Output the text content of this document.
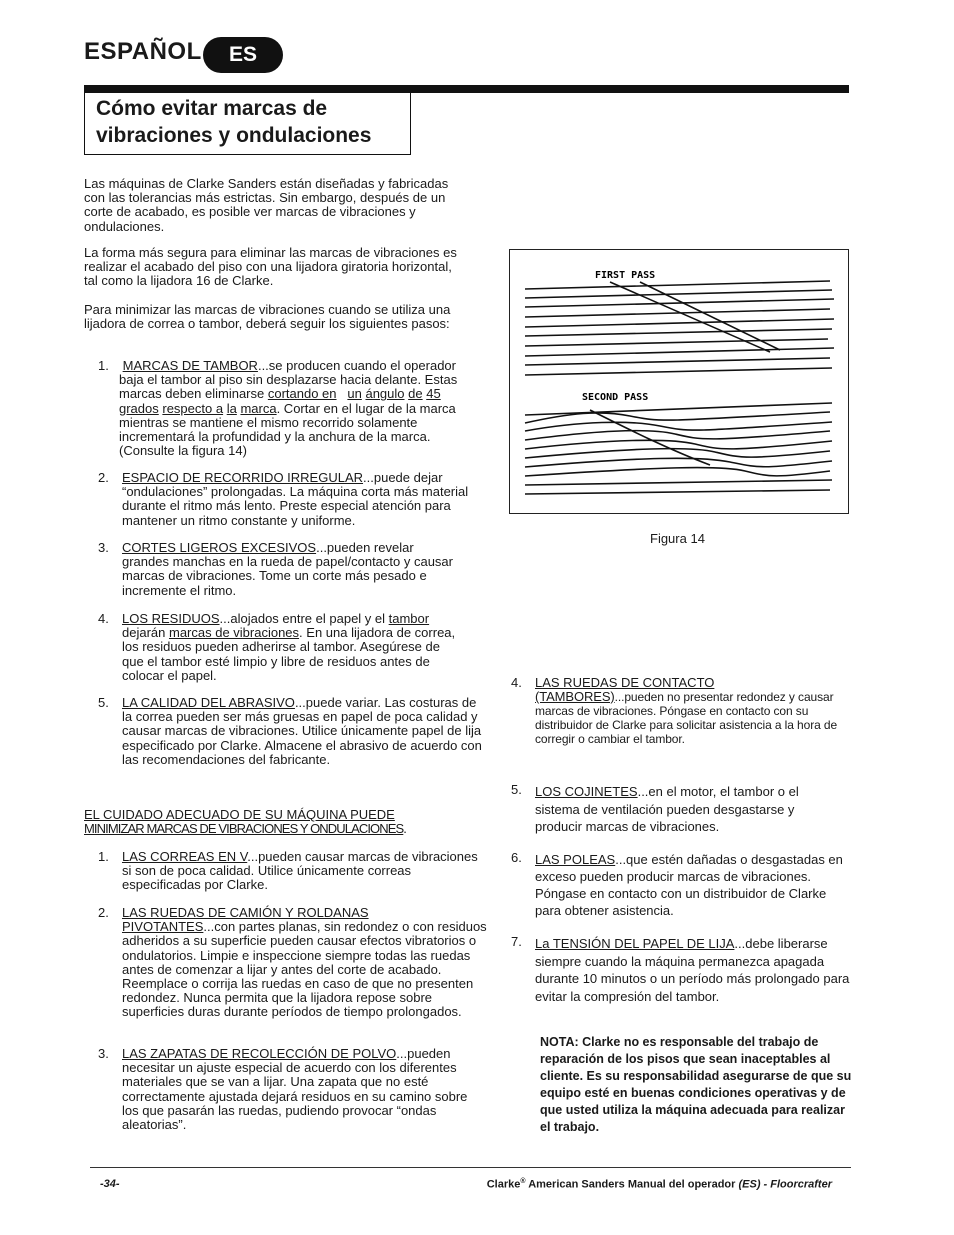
ESPAÑOL	ES
Cómo evitar marcas de
vibraciones y ondulaciones
Las máquinas de Clarke Sanders están diseñadas y fabricadas con las tolerancias más estrictas. Sin embargo, después de un corte de acabado, es posible ver marcas de vibraciones y ondulaciones.
La forma más segura para eliminar las marcas de vibraciones es realizar el acabado del piso con una lijadora giratoria horizontal, tal como la lijadora 16 de Clarke.
Para minimizar las marcas de vibraciones cuando se utiliza una lijadora de correa o tambor, deberá seguir los siguientes pasos:
1. MARCAS DE TAMBOR...se producen cuando el operador baja el tambor al piso sin desplazarse hacia delante. Estas marcas deben eliminarse cortando en un ángulo de 45 grados respecto a la marca. Cortar en el lugar de la marca mientras se mantiene el mismo recorrido solamente incrementará la profundidad y la anchura de la marca. (Consulte la figura 14)
2. ESPACIO DE RECORRIDO IRREGULAR...puede dejar “ondulaciones” prolongadas. La máquina corta más material durante el ritmo más lento. Preste especial atención para mantener un ritmo constante y uniforme.
3. CORTES LIGEROS EXCESIVOS...pueden revelar grandes manchas en la rueda de papel/contacto y causar marcas de vibraciones. Tome un corte más pesado e incremente el ritmo.
4. LOS RESIDUOS...alojados entre el papel y el tambor dejarán marcas de vibraciones. En una lijadora de correa, los residuos pueden adherirse al tambor. Asegúrese de que el tambor esté limpio y libre de residuos antes de colocar el papel.
5. LA CALIDAD DEL ABRASIVO...puede variar. Las costuras de la correa pueden ser más gruesas en papel de poca calidad y causar marcas de vibraciones. Utilice únicamente papel de lija especificado por Clarke. Almacene el abrasivo de acuerdo con las recomendaciones del fabricante.
EL CUIDADO ADECUADO DE SU MÁQUINA PUEDE
MINIMIZAR MARCAS DE VIBRACIONES Y ONDULACIONES.
1. LAS CORREAS EN V...pueden causar marcas de vibraciones si son de poca calidad. Utilice únicamente correas especificadas por Clarke.
2. LAS RUEDAS DE CAMIÓN Y ROLDANAS
PIVOTANTES...con partes planas, sin redondez o con residuos adheridos a su superficie pueden causar efectos vibratorios o ondulatorios. Limpie e inspeccione siempre todas las ruedas antes de comenzar a lijar y antes del corte de acabado. Reemplace o corrija las ruedas en caso de que no presenten redondez. Nunca permita que la lijadora repose sobre superficies duras durante períodos de tiempo prolongados.
3. LAS ZAPATAS DE RECOLECCIÓN DE POLVO...pueden necesitar un ajuste especial de acuerdo con los diferentes materiales que se van a lijar. Una zapata que no esté correctamente ajustada dejará residuos en su camino sobre los que pasarán las ruedas, pudiendo provocar “ondas aleatorias”.
FIRST PASS
SECOND PASS
Figura 14
4. LAS RUEDAS DE CONTACTO
(TAMBORES)...pueden no presentar redondez y causar marcas de vibraciones. Póngase en contacto con su distribuidor de Clarke para solicitar asistencia a la hora de corregir o cambiar el tambor.
5. LOS COJINETES...en el motor, el tambor o el sistema de ventilación pueden desgastarse y producir marcas de vibraciones.
6. LAS POLEAS...que estén dañadas o desgastadas en exceso pueden producir marcas de vibraciones. Póngase en contacto con un distribuidor de Clarke para obtener asistencia.
7. La TENSIÓN DEL PAPEL DE LIJA...debe liberarse siempre cuando la máquina permanezca apagada durante 10 minutos o un período más prolongado para evitar la compresión del tambor.
NOTA: Clarke no es responsable del trabajo de reparación de los pisos que sean inaceptables al cliente. Es su responsabilidad asegurarse de que su equipo esté en buenas condiciones operativas y de que usted utiliza la máquina adecuada para realizar el trabajo.
-34-	Clarke® American Sanders Manual del operador (ES) - Floorcrafter
